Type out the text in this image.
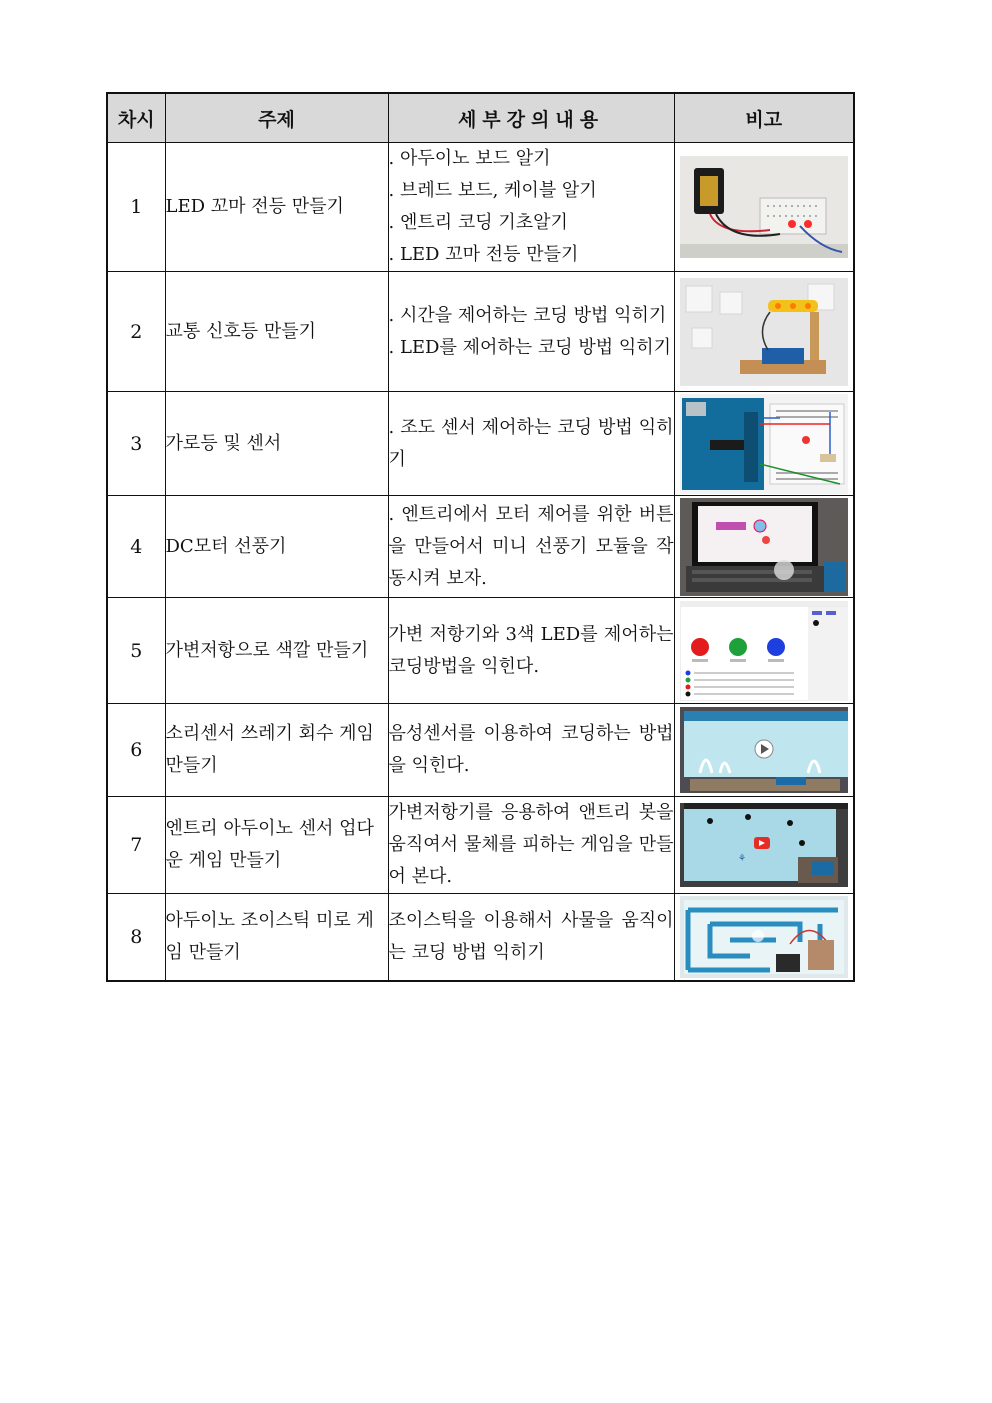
차시	주제	세부강의내용	비고
1	LED 꼬마 전등 만들기	. 아두이노 보드 알기
. 브레드 보드, 케이블 알기
. 엔트리 코딩 기초알기
. LED 꼬마 전등 만들기

2	교통 신호등 만들기	. 시간을 제어하는 코딩 방법 익히기
. LED를 제어하는 코딩 방법 익히기

3	가로등 및 센서	. 조도 센서 제어하는 코딩 방법 익히기

4	DC모터 선풍기	. 엔트리에서 모터 제어를 위한 버튼을 만들어서 미니 선풍기 모듈을 작동시켜 보자.

5	가변저항으로 색깔 만들기	가변 저항기와 3색 LED를 제어하는 코딩방법을 익힌다.

6	소리센서 쓰레기 회수 게임 만들기	음성센서를 이용하여 코딩하는 방법을 익힌다.

7	엔트리 아두이노 센서 업다운 게임 만들기	가변저항기를 응용하여 앤트리 봇을 움직여서 물체를 피하는 게임을 만들어 본다.	⚘

8	아두이노 조이스틱 미로 게임 만들기	조이스틱을 이용해서 사물을 움직이는 코딩 방법 익히기
